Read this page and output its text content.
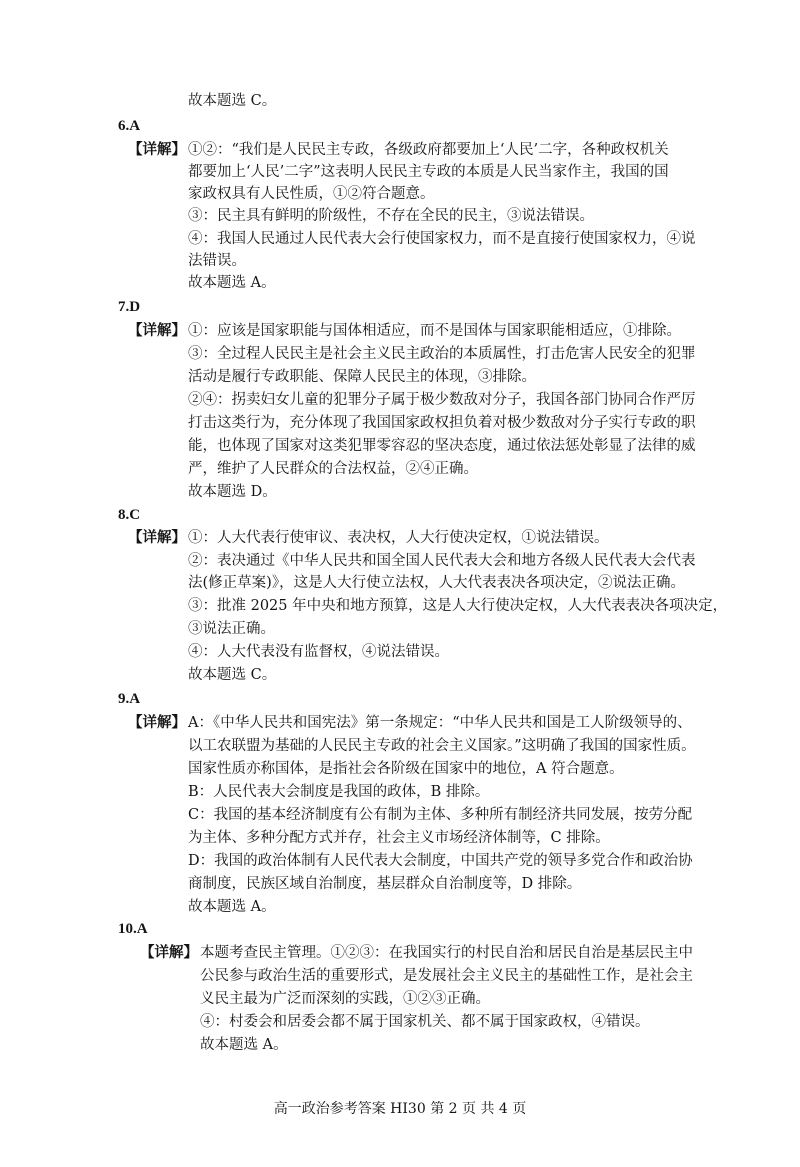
故本题选 C。
6.A
【详解】 ①②：“我们是人民民主专政，各级政府都要加上‘人民’二字，各种政权机关
都要加上‘人民’二字”这表明人民民主专政的本质是人民当家作主，我国的国
家政权具有人民性质，①②符合题意。
③：民主具有鲜明的阶级性，不存在全民的民主，③说法错误。
④：我国人民通过人民代表大会行使国家权力，而不是直接行使国家权力，④说
法错误。
故本题选 A。
7.D
【详解】 ①：应该是国家职能与国体相适应，而不是国体与国家职能相适应，①排除。
③：全过程人民民主是社会主义民主政治的本质属性，打击危害人民安全的犯罪
活动是履行专政职能、保障人民民主的体现，③排除。
②④：拐卖妇女儿童的犯罪分子属于极少数敌对分子，我国各部门协同合作严厉
打击这类行为，充分体现了我国国家政权担负着对极少数敌对分子实行专政的职
能，也体现了国家对这类犯罪零容忍的坚决态度，通过依法惩处彰显了法律的威
严，维护了人民群众的合法权益，②④正确。
故本题选 D。
8.C
【详解】 ①：人大代表行使审议、表决权，人大行使决定权，①说法错误。
②：表决通过《中华人民共和国全国人民代表大会和地方各级人民代表大会代表
法(修正草案)》，这是人大行使立法权，人大代表表决各项决定，②说法正确。
③：批准 2025 年中央和地方预算，这是人大行使决定权，人大代表表决各项决定，
③说法正确。
④：人大代表没有监督权，④说法错误。
故本题选 C。
9.A
【详解】 A：《中华人民共和国宪法》第一条规定：“中华人民共和国是工人阶级领导的、
以工农联盟为基础的人民民主专政的社会主义国家。”这明确了我国的国家性质。
国家性质亦称国体，是指社会各阶级在国家中的地位，A 符合题意。
B：人民代表大会制度是我国的政体，B 排除。
C：我国的基本经济制度有公有制为主体、多种所有制经济共同发展，按劳分配
为主体、多种分配方式并存，社会主义市场经济体制等，C 排除。
D：我国的政治体制有人民代表大会制度，中国共产党的领导多党合作和政治协
商制度，民族区域自治制度，基层群众自治制度等，D 排除。
故本题选 A。
10.A
【详解】 本题考查民主管理。①②③：在我国实行的村民自治和居民自治是基层民主中
公民参与政治生活的重要形式，是发展社会主义民主的基础性工作，是社会主
义民主最为广泛而深刻的实践，①②③正确。
④：村委会和居委会都不属于国家机关、都不属于国家政权，④错误。
故本题选 A。
高一政治参考答案 HI30 第 2 页 共 4 页
